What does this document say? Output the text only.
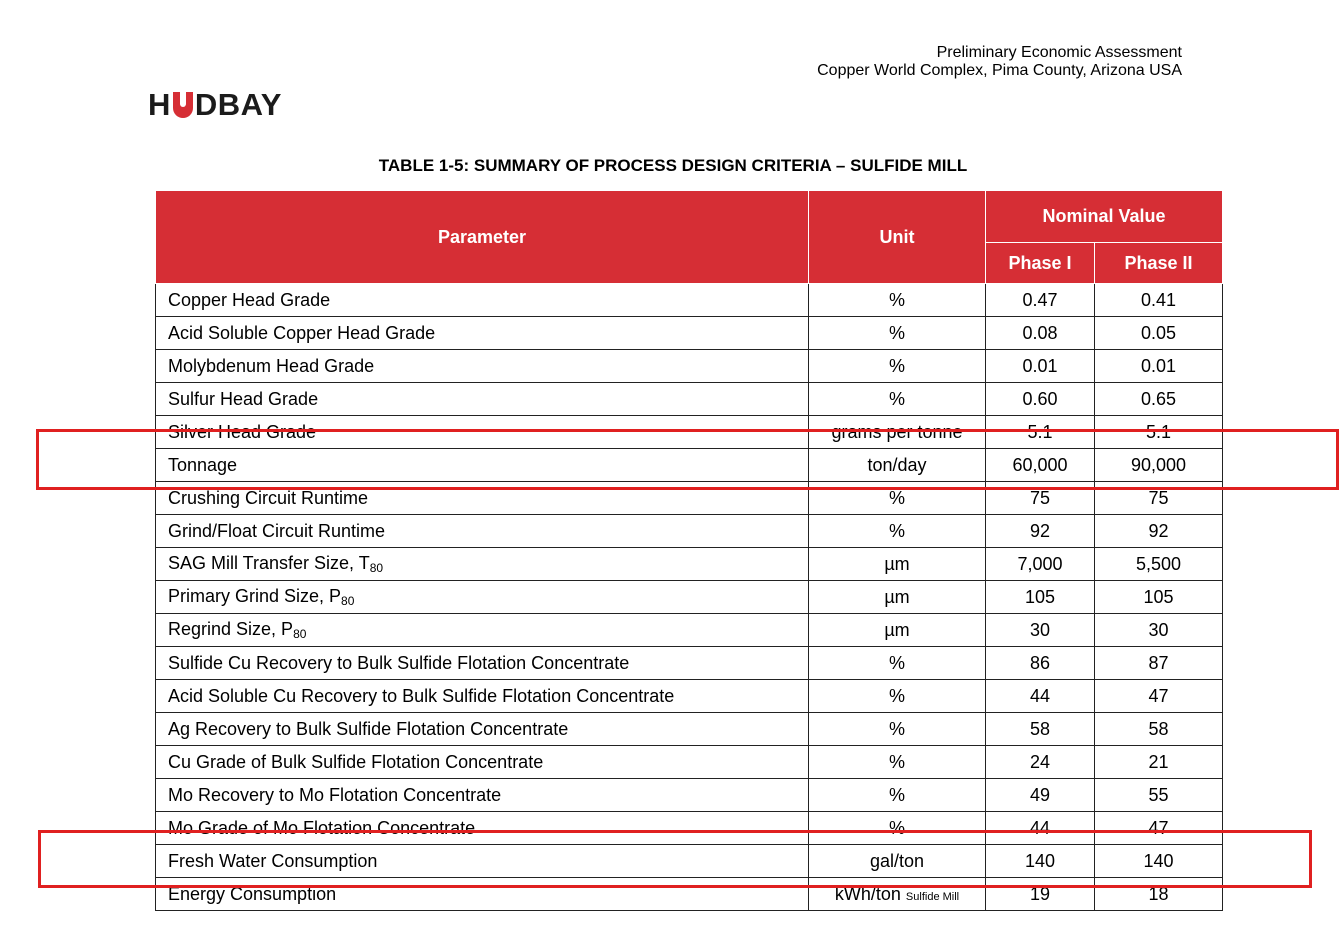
Preliminary Economic Assessment
Copper World Complex, Pima County, Arizona USA
H DBAY
TABLE 1-5: SUMMARY OF PROCESS DESIGN CRITERIA – SULFIDE MILL
Parameter	Unit	Nominal Value	
		Phase I	Phase II
Copper Head Grade	%	0.47	0.41
Acid Soluble Copper Head Grade	%	0.08	0.05
Molybdenum Head Grade	%	0.01	0.01
Sulfur Head Grade	%	0.60	0.65
Silver Head Grade	grams per tonne	5.1	5.1
Tonnage	ton/day	60,000	90,000
Crushing Circuit Runtime	%	75	75
Grind/Float Circuit Runtime	%	92	92
SAG Mill Transfer Size, $T_{80}$	µm	7,000	5,500
Primary Grind Size, $P_{80}$	µm	105	105
Regrind Size, $P_{80}$	µm	30	30
Sulfide Cu Recovery to Bulk Sulfide Flotation Concentrate	%	86	87
Acid Soluble Cu Recovery to Bulk Sulfide Flotation Concentrate	%	44	47
Ag Recovery to Bulk Sulfide Flotation Concentrate	%	58	58
Cu Grade of Bulk Sulfide Flotation Concentrate	%	24	21
Mo Recovery to Mo Flotation Concentrate	%	49	55
Mo Grade of Mo Flotation Concentrate	%	44	47
Fresh Water Consumption	gal/ton	140	140
Energy Consumption	kWh/ton Sulfide Mill	19	18
